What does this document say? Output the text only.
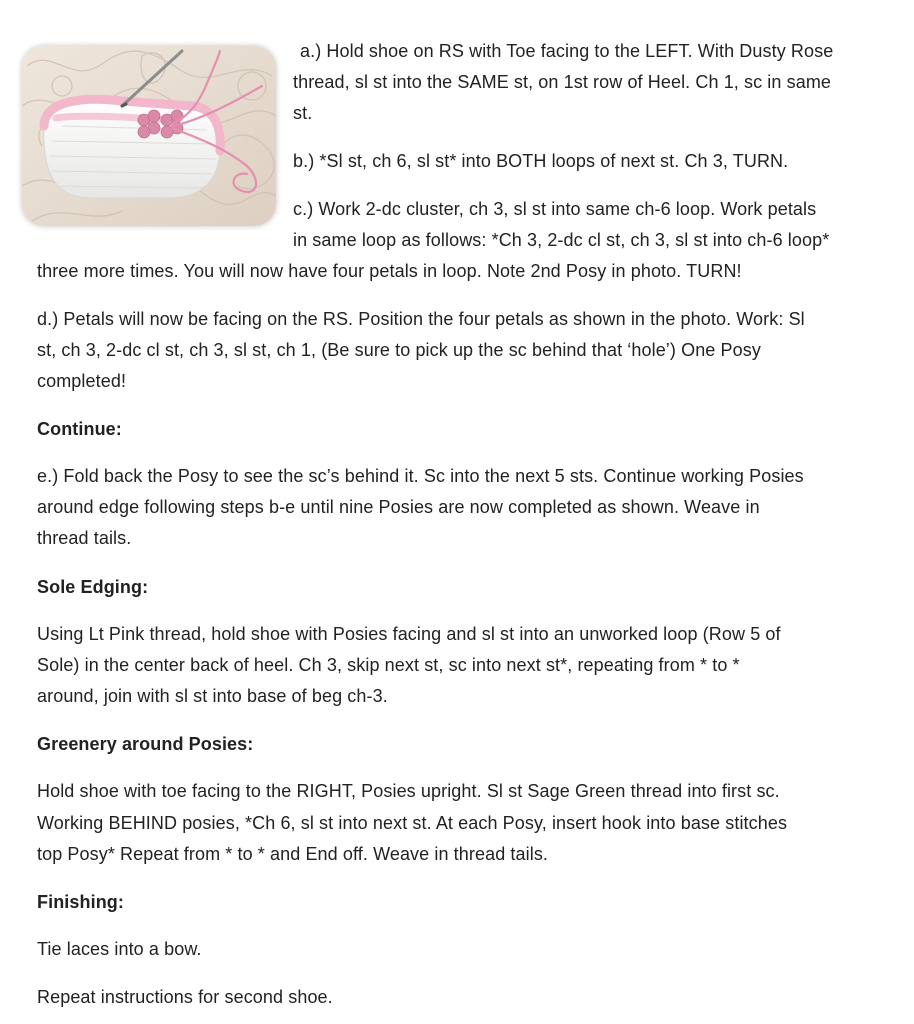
a.) Hold shoe on RS with Toe facing to the LEFT. With Dusty Rose
thread, sl st into the SAME st, on 1st row of Heel. Ch 1, sc in same
st.
b.) *Sl st, ch 6, sl st* into BOTH loops of next st. Ch 3, TURN.
c.) Work 2-dc cluster, ch 3, sl st into same ch-6 loop. Work petals
in same loop as follows: *Ch 3, 2-dc cl st, ch 3, sl st into ch-6 loop*
three more times. You will now have four petals in loop. Note 2nd Posy in photo. TURN!
d.) Petals will now be facing on the RS. Position the four petals as shown in the photo. Work: Sl
st, ch 3, 2-dc cl st, ch 3, sl st, ch 1, (Be sure to pick up the sc behind that ‘hole’) One Posy
completed!
Continue:
e.) Fold back the Posy to see the sc’s behind it. Sc into the next 5 sts. Continue working Posies
around edge following steps b-e until nine Posies are now completed as shown. Weave in
thread tails.
Sole Edging:
Using Lt Pink thread, hold shoe with Posies facing and sl st into an unworked loop (Row 5 of
Sole) in the center back of heel. Ch 3, skip next st, sc into next st*, repeating from * to *
around, join with sl st into base of beg ch-3.
Greenery around Posies:
Hold shoe with toe facing to the RIGHT, Posies upright. Sl st Sage Green thread into first sc.
Working BEHIND posies, *Ch 6, sl st into next st. At each Posy, insert hook into base stitches
top Posy* Repeat from * to * and End off. Weave in thread tails.
Finishing:
Tie laces into a bow.
Repeat instructions for second shoe.
